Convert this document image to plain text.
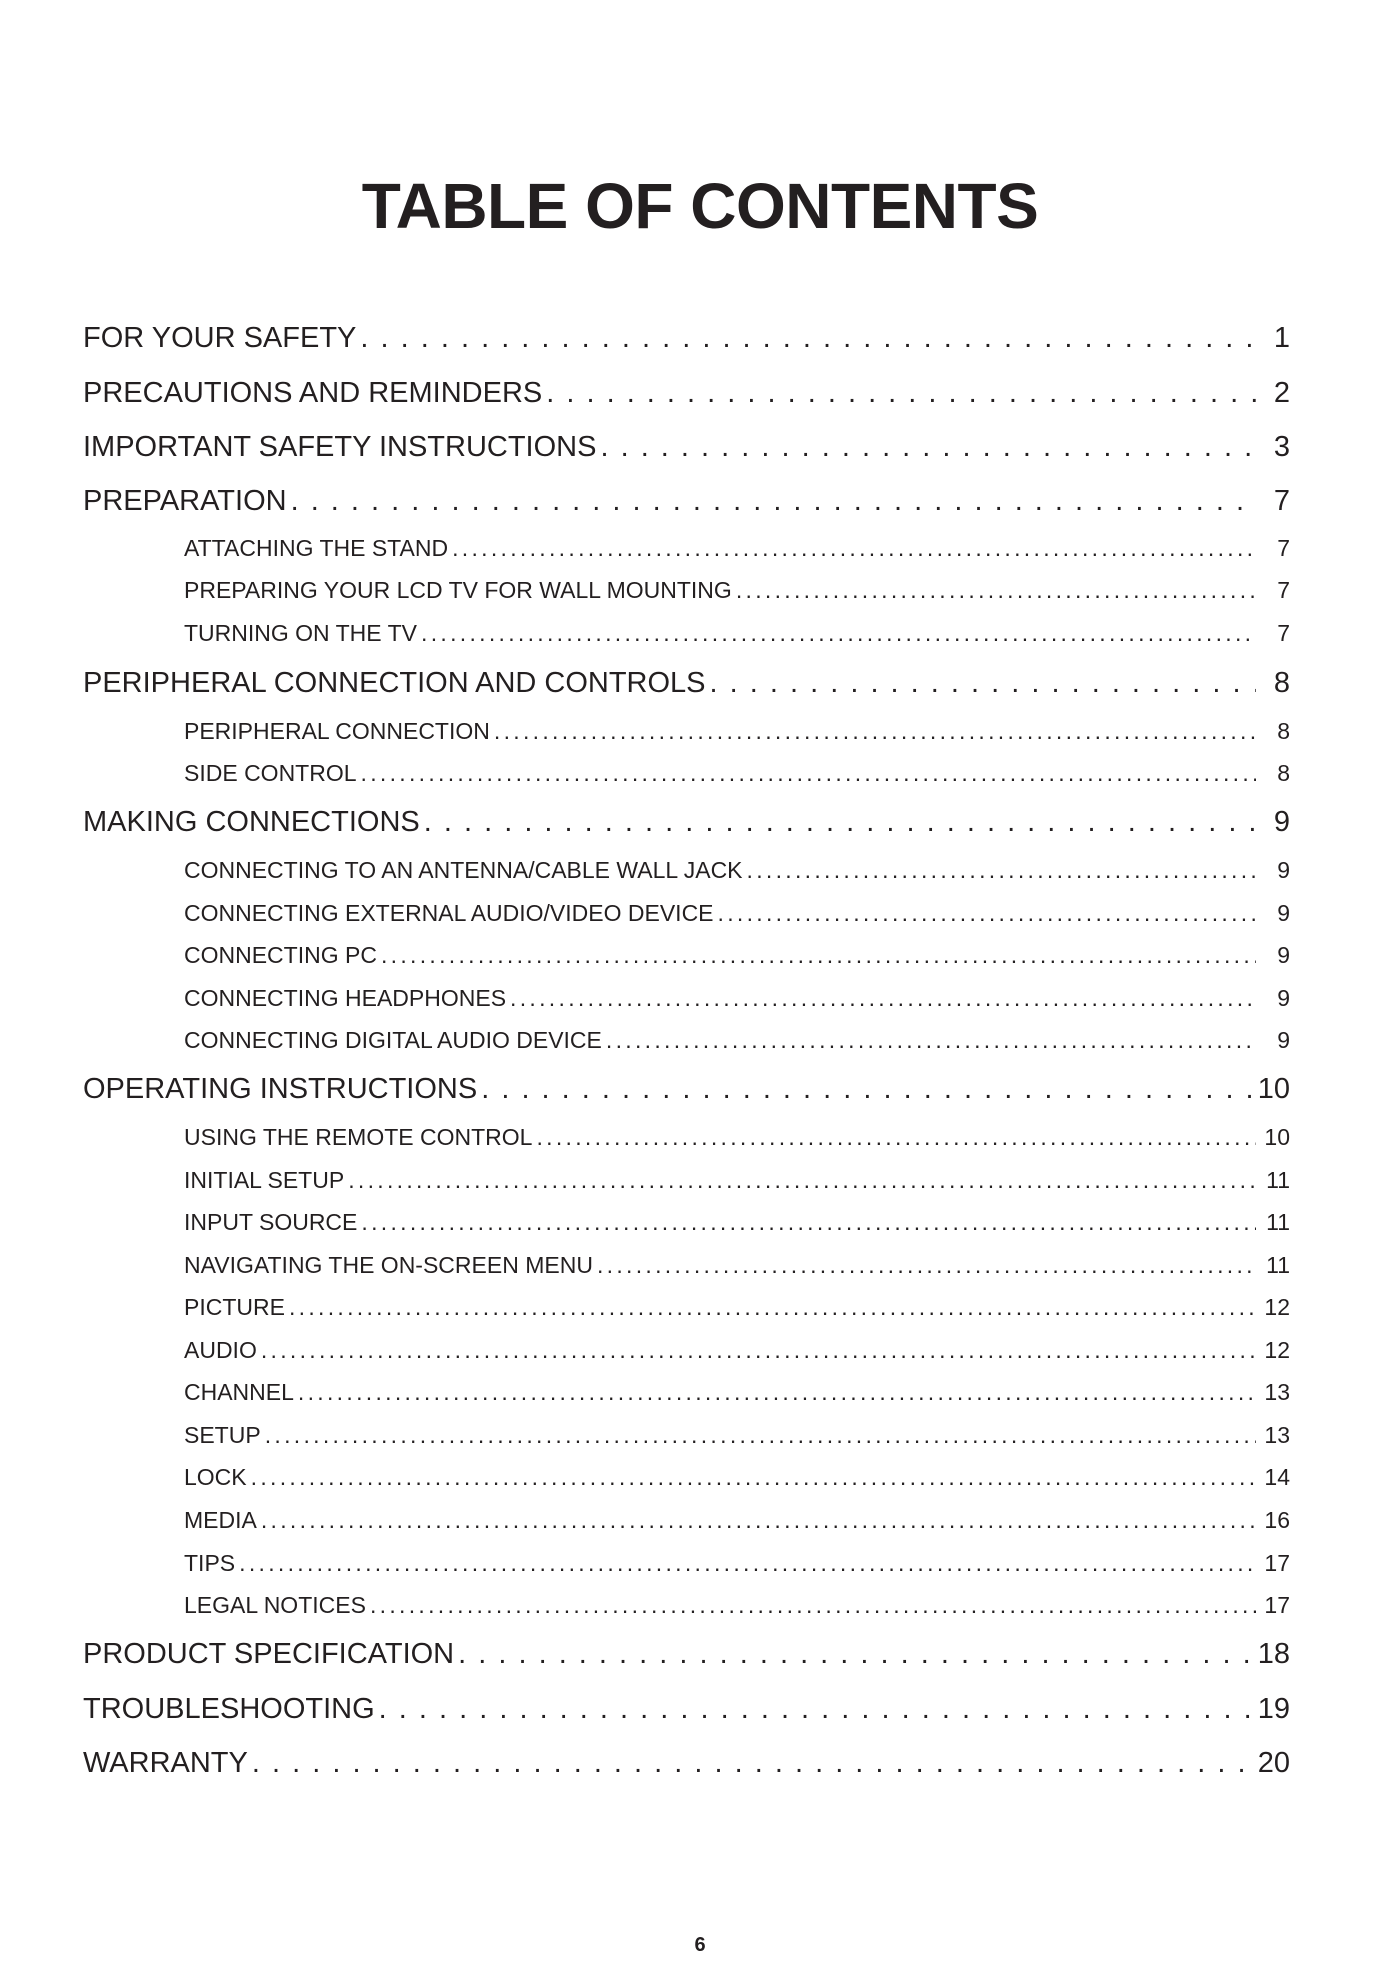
TABLE OF CONTENTS
FOR YOUR SAFETY . . .	1
PRECAUTIONS AND REMINDERS . . .	2
IMPORTANT SAFETY INSTRUCTIONS . . .	3
PREPARATION . . .	7
ATTACHING THE STAND .....	7
PREPARING YOUR LCD TV FOR WALL MOUNTING .....	7
TURNING ON THE TV .....	7
PERIPHERAL CONNECTION AND CONTROLS . . .	8
PERIPHERAL CONNECTION .....	8
SIDE CONTROL .....	8
MAKING CONNECTIONS . . .	9
CONNECTING TO AN ANTENNA/CABLE WALL JACK .....	9
CONNECTING EXTERNAL AUDIO/VIDEO DEVICE .....	9
CONNECTING PC .....	9
CONNECTING HEADPHONES .....	9
CONNECTING DIGITAL AUDIO DEVICE .....	9
OPERATING INSTRUCTIONS . . .	10
USING THE REMOTE CONTROL .....	10
INITIAL SETUP .....	11
INPUT SOURCE .....	11
NAVIGATING THE ON-SCREEN MENU .....	11
PICTURE .....	12
AUDIO .....	12
CHANNEL .....	13
SETUP .....	13
LOCK .....	14
MEDIA .....	16
TIPS .....	17
LEGAL NOTICES .....	17
PRODUCT SPECIFICATION . . .	18
TROUBLESHOOTING . . .	19
WARRANTY . . .	20
6
